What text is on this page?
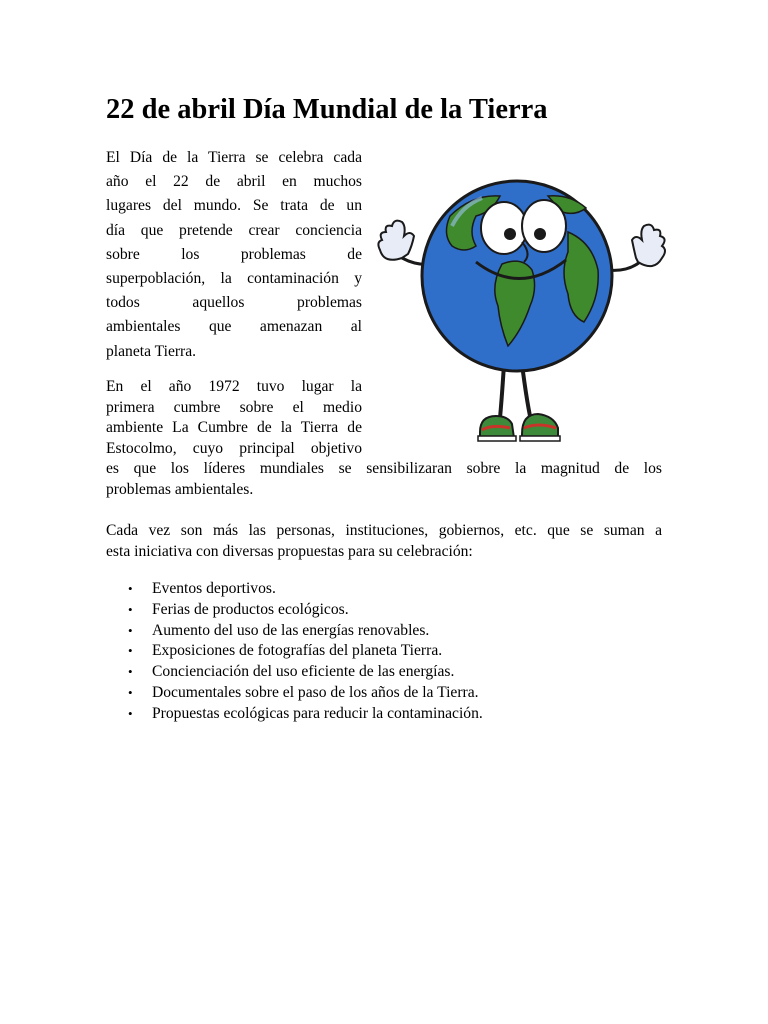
22 de abril Día Mundial de la Tierra
El Día de la Tierra se celebra cada
año el 22 de abril en muchos
lugares del mundo. Se trata de un
día que pretende crear conciencia
sobre los problemas de
superpoblación, la contaminación y
todos aquellos problemas
ambientales que amenazan al
planeta Tierra.
En el año 1972 tuvo lugar la
primera cumbre sobre el medio
ambiente La Cumbre de la Tierra de
Estocolmo, cuyo principal objetivo
es que los líderes mundiales se sensibilizaran sobre la magnitud de los
problemas ambientales.
Cada vez son más las personas, instituciones, gobiernos, etc. que se suman a
esta iniciativa con diversas propuestas para su celebración:
• Eventos deportivos.
• Ferias de productos ecológicos.
• Aumento del uso de las energías renovables.
• Exposiciones de fotografías del planeta Tierra.
• Concienciación del uso eficiente de las energías.
• Documentales sobre el paso de los años de la Tierra.
• Propuestas ecológicas para reducir la contaminación.
